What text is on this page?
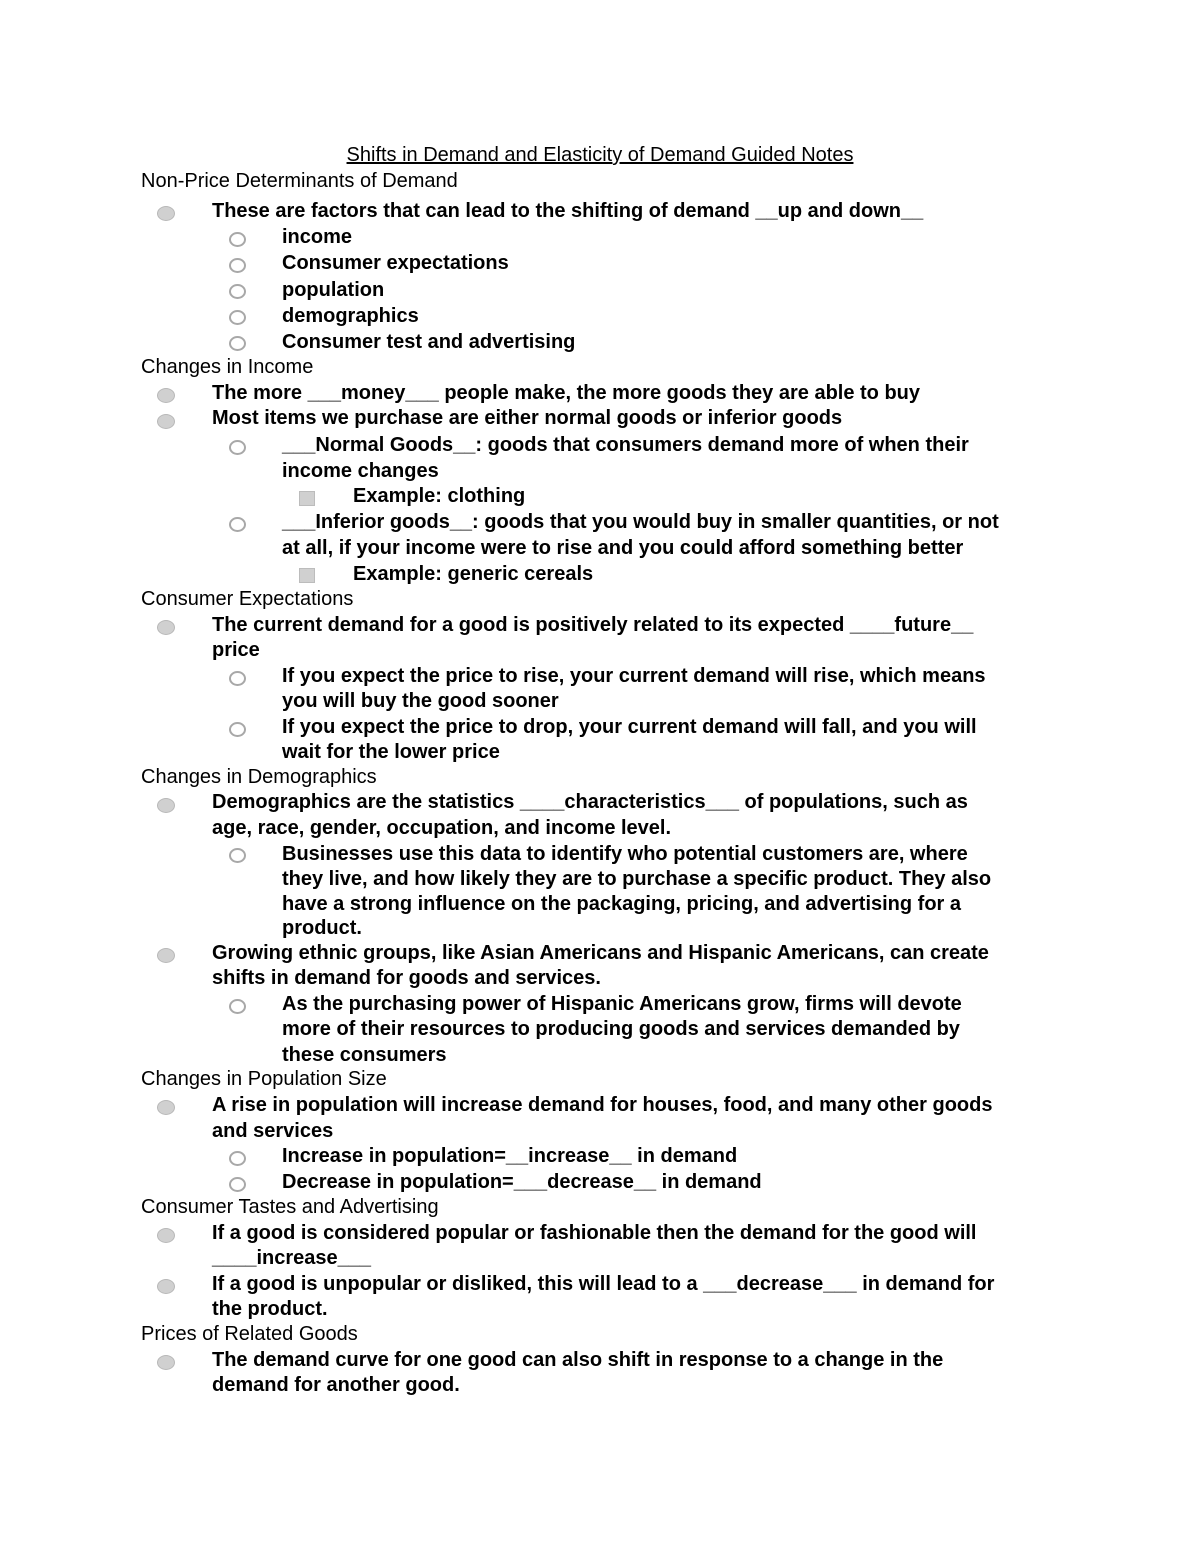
Shifts in Demand and Elasticity of Demand Guided Notes
Non-Price Determinants of Demand
These are factors that can lead to the shifting of demand __up and down__
income
Consumer expectations
population
demographics
Consumer test and advertising
Changes in Income
The more ___money___ people make, the more goods they are able to buy
Most items we purchase are either normal goods or inferior goods
___Normal Goods__: goods that consumers demand more of when their
income changes
Example: clothing
___Inferior goods__: goods that you would buy in smaller quantities, or not
at all, if your income were to rise and you could afford something better
Example: generic cereals
Consumer Expectations
The current demand for a good is positively related to its expected ____future__
price
If you expect the price to rise, your current demand will rise, which means
you will buy the good sooner
If you expect the price to drop, your current demand will fall, and you will
wait for the lower price
Changes in Demographics
Demographics are the statistics ____characteristics___ of populations, such as
age, race, gender, occupation, and income level.
Businesses use this data to identify who potential customers are, where
they live, and how likely they are to purchase a specific product. They also
have a strong influence on the packaging, pricing, and advertising for a
product.
Growing ethnic groups, like Asian Americans and Hispanic Americans, can create
shifts in demand for goods and services.
As the purchasing power of Hispanic Americans grow, firms will devote
more of their resources to producing goods and services demanded by
these consumers
Changes in Population Size
A rise in population will increase demand for houses, food, and many other goods
and services
Increase in population=__increase__ in demand
Decrease in population=___decrease__ in demand
Consumer Tastes and Advertising
If a good is considered popular or fashionable then the demand for the good will
____increase___
If a good is unpopular or disliked, this will lead to a ___decrease___ in demand for
the product.
Prices of Related Goods
The demand curve for one good can also shift in response to a change in the
demand for another good.
